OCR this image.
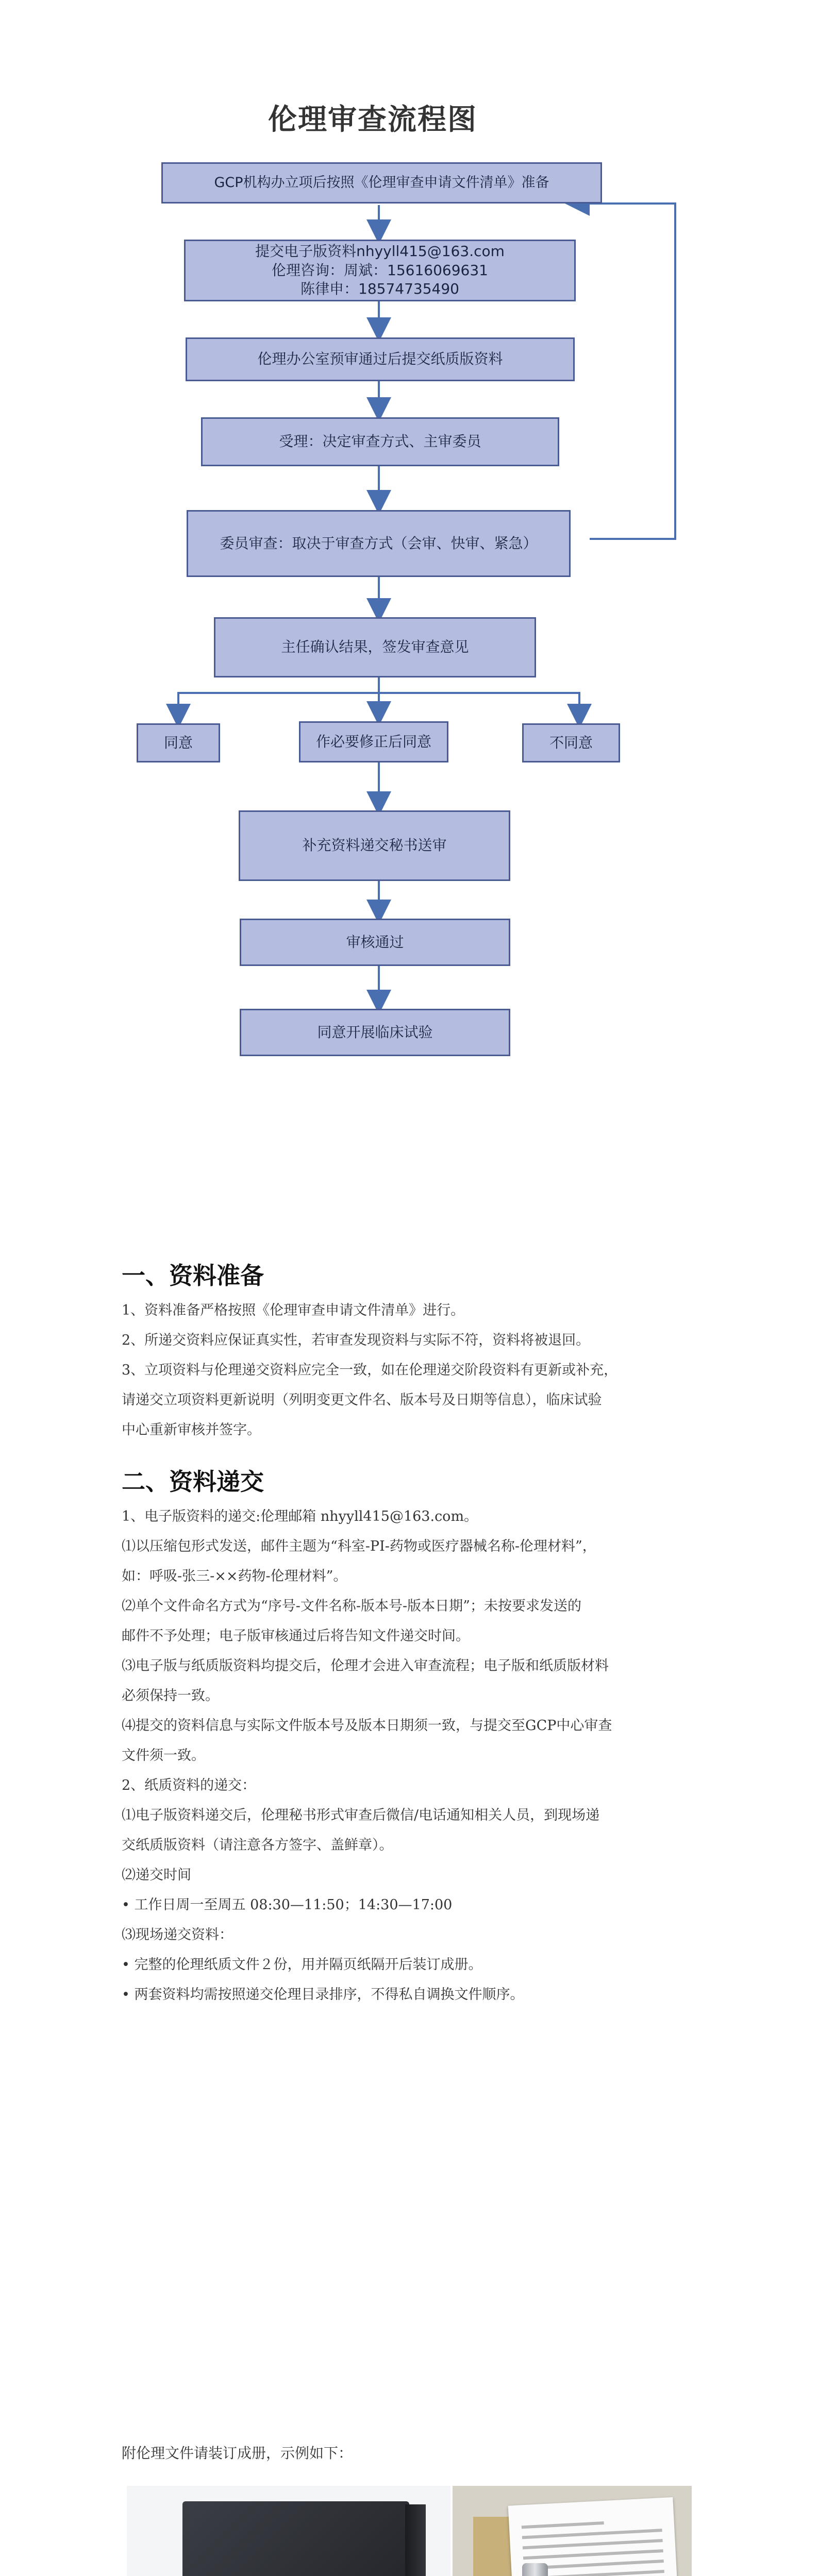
伦理审查流程图
GCP机构办立项后按照《伦理审查申请文件清单》准备
提交电子版资料nhyyll415@163.com
伦理咨询：周斌：15616069631
陈律申：18574735490
伦理办公室预审通过后提交纸质版资料
受理：决定审查方式、主审委员
委员审查：取决于审查方式（会审、快审、紧急）
主任确认结果，签发审查意见
同意	作必要修正后同意	不同意
补充资料递交秘书送审
审核通过
同意开展临床试验
一、资料准备

1、资料准备严格按照《伦理审查申请文件清单》进行。

2、所递交资料应保证真实性，若审查发现资料与实际不符，资料将被退回。

3、立项资料与伦理递交资料应完全一致，如在伦理递交阶段资料有更新或补充，

请递交立项资料更新说明（列明变更文件名、版本号及日期等信息），临床试验

中心重新审核并签字。

二、资料递交

1、电子版资料的递交:伦理邮箱 nhyyll415@163.com。

⑴以压缩包形式发送，邮件主题为“科室-PI-药物或医疗器械名称-伦理材料”，

如：呼吸-张三-××药物-伦理材料”。

⑵单个文件命名方式为“序号-文件名称-版本号-版本日期”；未按要求发送的

邮件不予处理；电子版审核通过后将告知文件递交时间。

⑶电子版与纸质版资料均提交后，伦理才会进入审查流程；电子版和纸质版材料

必须保持一致。

⑷提交的资料信息与实际文件版本号及版本日期须一致，与提交至GCP中心审查

文件须一致。

2、纸质资料的递交：

⑴电子版资料递交后，伦理秘书形式审查后微信/电话通知相关人员，到现场递

交纸质版资料（请注意各方签字、盖鲜章）。

⑵递交时间

• 工作日周一至周五 08:30—11:50；14:30—17:00

⑶现场递交资料：

• 完整的伦理纸质文件２份，用并隔页纸隔开后装订成册。

• 两套资料均需按照递交伦理目录排序，不得私自调换文件顺序。

附伦理文件请装订成册，示例如下：
